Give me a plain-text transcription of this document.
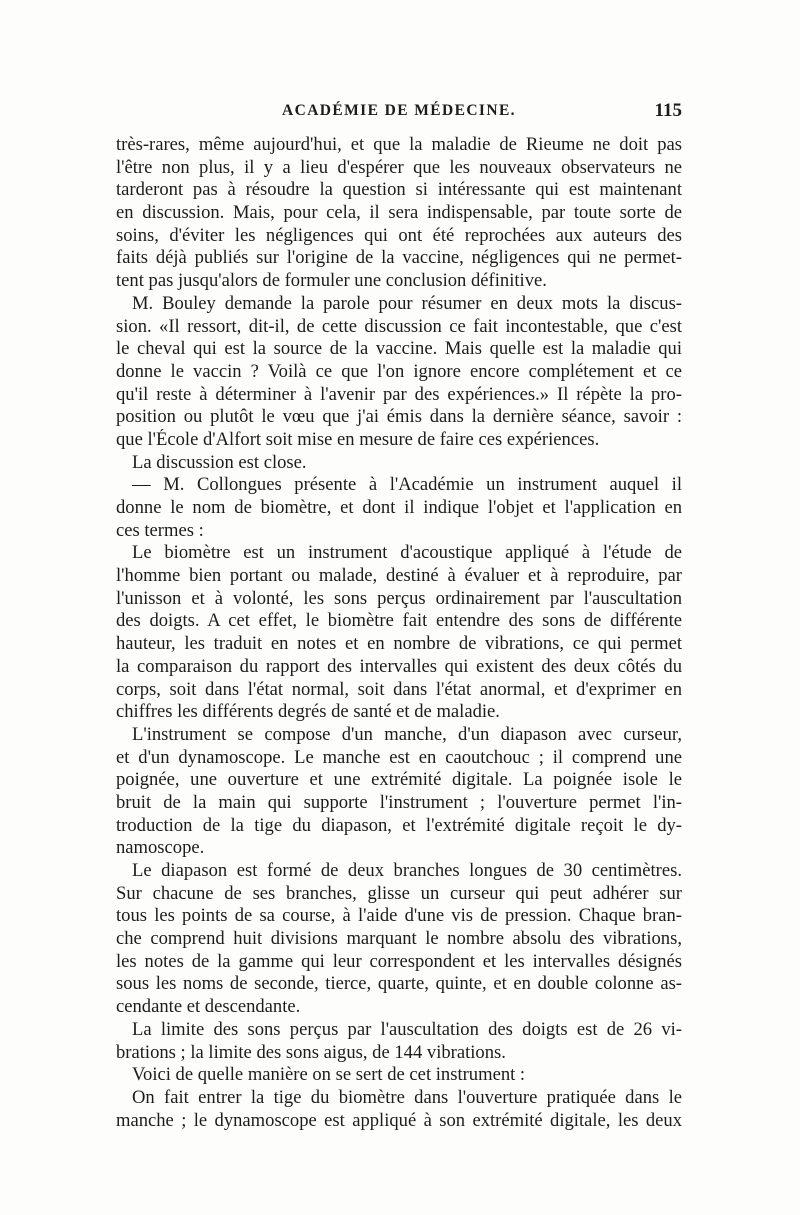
ACADÉMIE DE MÉDECINE.	115
très-rares, même aujourd'hui, et que la maladie de Rieume ne doit pas
l'être non plus, il y a lieu d'espérer que les nouveaux observateurs ne
tarderont pas à résoudre la question si intéressante qui est maintenant
en discussion. Mais, pour cela, il sera indispensable, par toute sorte de
soins, d'éviter les négligences qui ont été reprochées aux auteurs des
faits déjà publiés sur l'origine de la vaccine, négligences qui ne permet-
tent pas jusqu'alors de formuler une conclusion définitive.
M. Bouley demande la parole pour résumer en deux mots la discus-
sion. «Il ressort, dit-il, de cette discussion ce fait incontestable, que c'est
le cheval qui est la source de la vaccine. Mais quelle est la maladie qui
donne le vaccin ? Voilà ce que l'on ignore encore complétement et ce
qu'il reste à déterminer à l'avenir par des expériences.» Il répète la pro-
position ou plutôt le vœu que j'ai émis dans la dernière séance, savoir :
que l'École d'Alfort soit mise en mesure de faire ces expériences.
La discussion est close.
— M. Collongues présente à l'Académie un instrument auquel il
donne le nom de biomètre, et dont il indique l'objet et l'application en
ces termes :
Le biomètre est un instrument d'acoustique appliqué à l'étude de
l'homme bien portant ou malade, destiné à évaluer et à reproduire, par
l'unisson et à volonté, les sons perçus ordinairement par l'auscultation
des doigts. A cet effet, le biomètre fait entendre des sons de différente
hauteur, les traduit en notes et en nombre de vibrations, ce qui permet
la comparaison du rapport des intervalles qui existent des deux côtés du
corps, soit dans l'état normal, soit dans l'état anormal, et d'exprimer en
chiffres les différents degrés de santé et de maladie.
L'instrument se compose d'un manche, d'un diapason avec curseur,
et d'un dynamoscope. Le manche est en caoutchouc ; il comprend une
poignée, une ouverture et une extrémité digitale. La poignée isole le
bruit de la main qui supporte l'instrument ; l'ouverture permet l'in-
troduction de la tige du diapason, et l'extrémité digitale reçoit le dy-
namoscope.
Le diapason est formé de deux branches longues de 30 centimètres.
Sur chacune de ses branches, glisse un curseur qui peut adhérer sur
tous les points de sa course, à l'aide d'une vis de pression. Chaque bran-
che comprend huit divisions marquant le nombre absolu des vibrations,
les notes de la gamme qui leur correspondent et les intervalles désignés
sous les noms de seconde, tierce, quarte, quinte, et en double colonne as-
cendante et descendante.
La limite des sons perçus par l'auscultation des doigts est de 26 vi-
brations ; la limite des sons aigus, de 144 vibrations.
Voici de quelle manière on se sert de cet instrument :
On fait entrer la tige du biomètre dans l'ouverture pratiquée dans le
manche ; le dynamoscope est appliqué à son extrémité digitale, les deux
